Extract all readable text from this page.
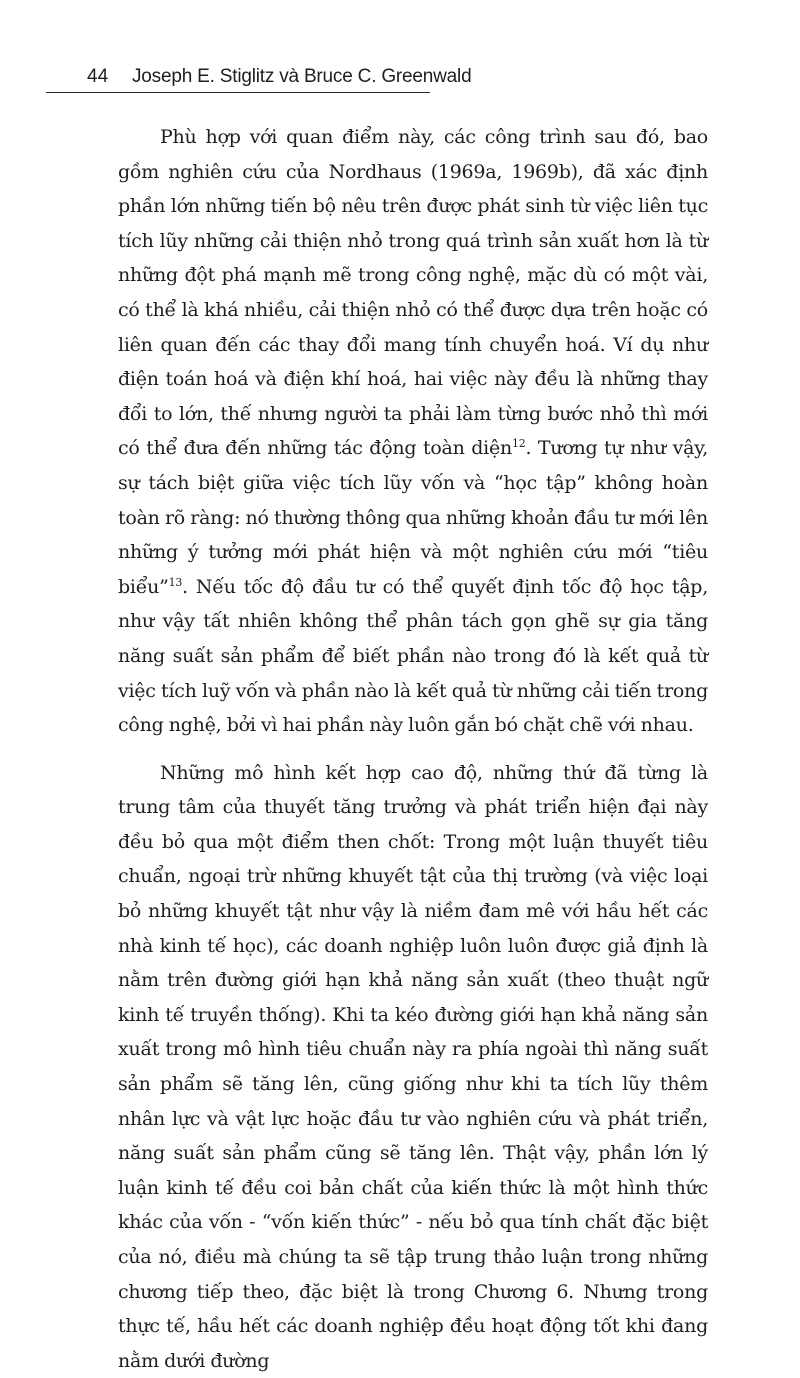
44 Joseph E. Stiglitz và Bruce C. Greenwald

Phù hợp với quan điểm này, các công trình sau đó, bao gồm nghiên cứu của Nordhaus (1969a, 1969b), đã xác định phần lớn những tiến bộ nêu trên được phát sinh từ việc liên tục tích lũy những cải thiện nhỏ trong quá trình sản xuất hơn là từ những đột phá mạnh mẽ trong công nghệ, mặc dù có một vài, có thể là khá nhiều, cải thiện nhỏ có thể được dựa trên hoặc có liên quan đến các thay đổi mang tính chuyển hoá. Ví dụ như điện toán hoá và điện khí hoá, hai việc này đều là những thay đổi to lớn, thế nhưng người ta phải làm từng bước nhỏ thì mới có thể đưa đến những tác động toàn diện$^{12}$. Tương tự như vậy, sự tách biệt giữa việc tích lũy vốn và “học tập” không hoàn toàn rõ ràng: nó thường thông qua những khoản đầu tư mới lên những ý tưởng mới phát hiện và một nghiên cứu mới “tiêu biểu”$^{13}$. Nếu tốc độ đầu tư có thể quyết định tốc độ học tập, như vậy tất nhiên không thể phân tách gọn ghẽ sự gia tăng năng suất sản phẩm để biết phần nào trong đó là kết quả từ việc tích luỹ vốn và phần nào là kết quả từ những cải tiến trong công nghệ, bởi vì hai phần này luôn gắn bó chặt chẽ với nhau.

Những mô hình kết hợp cao độ, những thứ đã từng là trung tâm của thuyết tăng trưởng và phát triển hiện đại này đều bỏ qua một điểm then chốt: Trong một luận thuyết tiêu chuẩn, ngoại trừ những khuyết tật của thị trường (và việc loại bỏ những khuyết tật như vậy là niềm đam mê với hầu hết các nhà kinh tế học), các doanh nghiệp luôn luôn được giả định là nằm trên đường giới hạn khả năng sản xuất (theo thuật ngữ kinh tế truyền thống). Khi ta kéo đường giới hạn khả năng sản xuất trong mô hình tiêu chuẩn này ra phía ngoài thì năng suất sản phẩm sẽ tăng lên, cũng giống như khi ta tích lũy thêm nhân lực và vật lực hoặc đầu tư vào nghiên cứu và phát triển, năng suất sản phẩm cũng sẽ tăng lên. Thật vậy, phần lớn lý luận kinh tế đều coi bản chất của kiến thức là một hình thức khác của vốn - “vốn kiến thức” - nếu bỏ qua tính chất đặc biệt của nó, điều mà chúng ta sẽ tập trung thảo luận trong những chương tiếp theo, đặc biệt là trong Chương 6. Nhưng trong thực tế, hầu hết các doanh nghiệp đều hoạt động tốt khi đang nằm dưới đường
